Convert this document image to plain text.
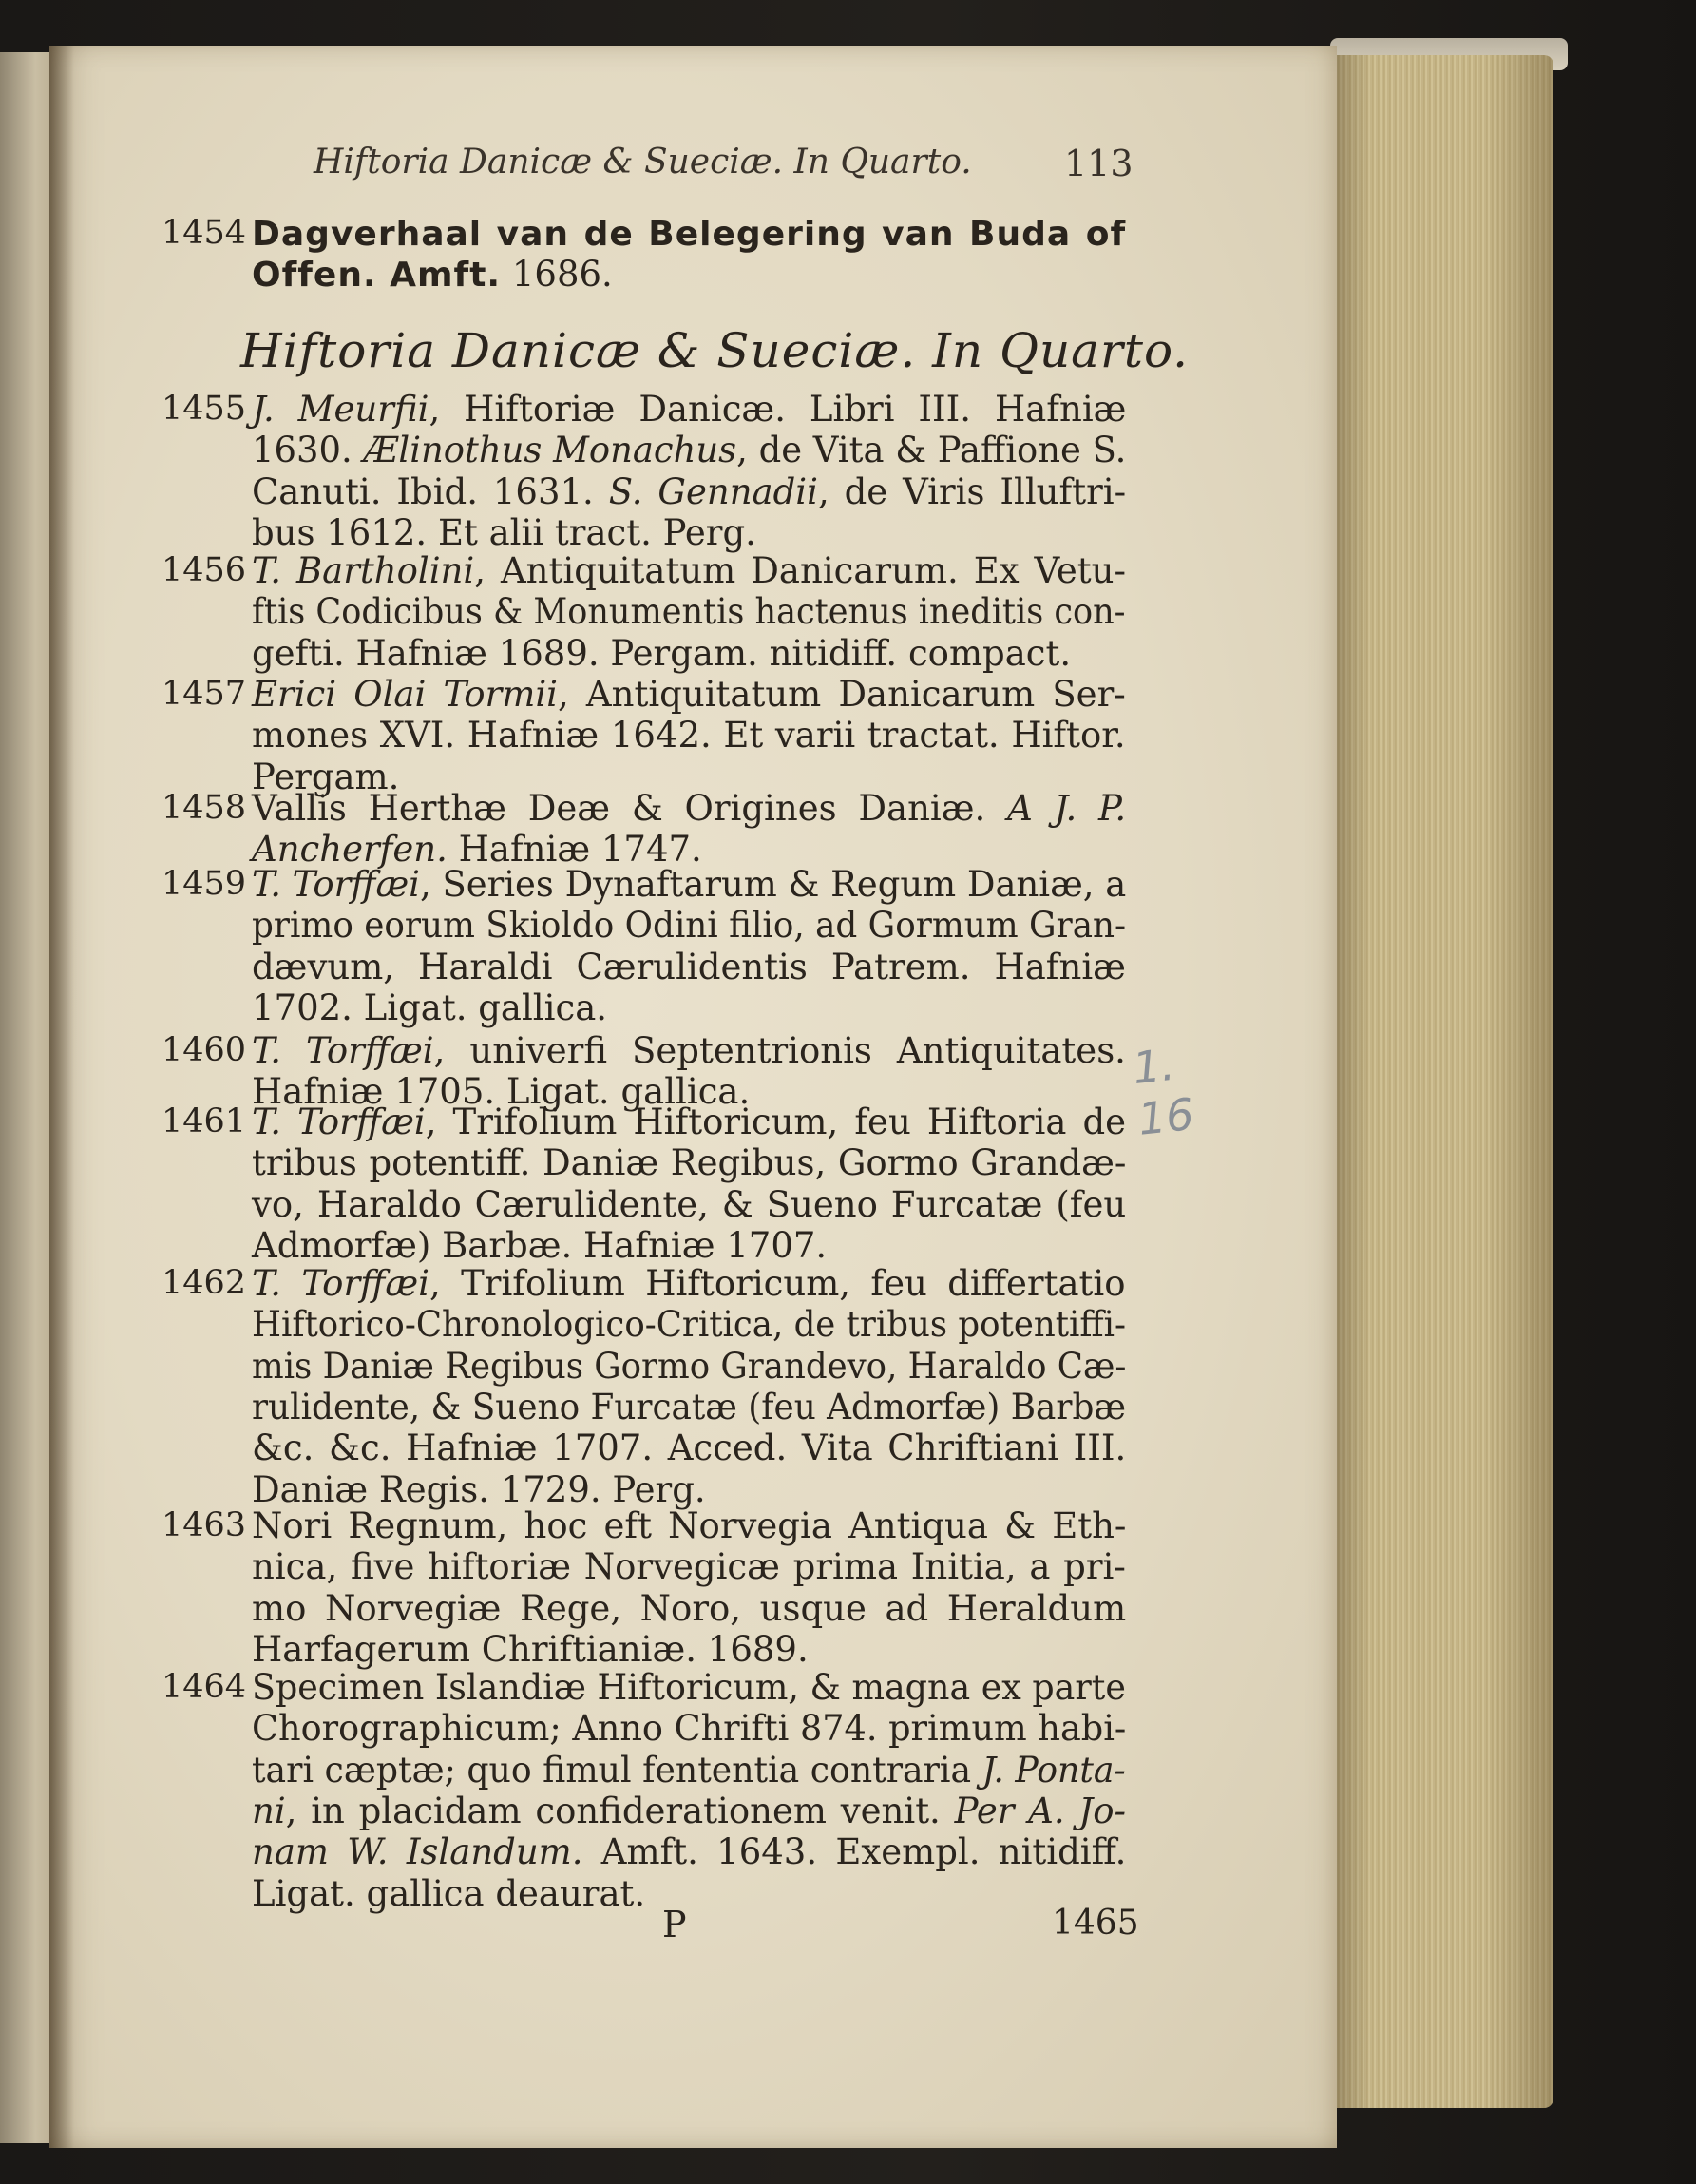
Hiftoria Danicæ & Sueciæ. In Quarto.	113
1454 Dagverhaal van de Belegering van Buda of
Offen. Amft. 1686.
1455 J. Meurfii, Hiftoriæ Danicæ. Libri III. Hafniæ
1630. Ælinothus Monachus, de Vita & Paffione S.
Canuti. Ibid. 1631. S. Gennadii, de Viris Illuftri-
bus 1612. Et alii tract. Perg.
1456 T. Bartholini, Antiquitatum Danicarum. Ex Vetu-
ftis Codicibus & Monumentis hactenus ineditis con-
gefti. Hafniæ 1689. Pergam. nitidiff. compact.
1457 Erici Olai Tormii, Antiquitatum Danicarum Ser-
mones XVI. Hafniæ 1642. Et varii tractat. Hiftor.
Pergam.
1458 Vallis Herthæ Deæ & Origines Daniæ. A J. P.
Ancherfen. Hafniæ 1747.
1459 T. Torffæi, Series Dynaftarum & Regum Daniæ, a
primo eorum Skioldo Odini filio, ad Gormum Gran-
dævum, Haraldi Cærulidentis Patrem. Hafniæ
1702. Ligat. gallica.
1460 T. Torffæi, univerfi Septentrionis Antiquitates.
Hafniæ 1705. Ligat. gallica.
1461 T. Torffæi, Trifolium Hiftoricum, feu Hiftoria de
tribus potentiff. Daniæ Regibus, Gormo Grandæ-
vo, Haraldo Cærulidente, & Sueno Furcatæ (feu
Admorfæ) Barbæ. Hafniæ 1707.
1462 T. Torffæi, Trifolium Hiftoricum, feu differtatio
Hiftorico-Chronologico-Critica, de tribus potentiffi-
mis Daniæ Regibus Gormo Grandevo, Haraldo Cæ-
rulidente, & Sueno Furcatæ (feu Admorfæ) Barbæ
&c. &c. Hafniæ 1707. Acced. Vita Chriftiani III.
Daniæ Regis. 1729. Perg.
1463 Nori Regnum, hoc eft Norvegia Antiqua & Eth-
nica, five hiftoriæ Norvegicæ prima Initia, a pri-
mo Norvegiæ Rege, Noro, usque ad Heraldum
Harfagerum Chriftianiæ. 1689.
1464 Specimen Islandiæ Hiftoricum, & magna ex parte
Chorographicum; Anno Chrifti 874. primum habi-
tari cæptæ; quo fimul fententia contraria J. Ponta-
ni, in placidam confiderationem venit. Per A. Jo-
nam W. Islandum. Amft. 1643. Exempl. nitidiff.
Ligat. gallica deaurat.
Hiftoria Danicæ & Sueciæ. In Quarto.
P	1465
1. 16
